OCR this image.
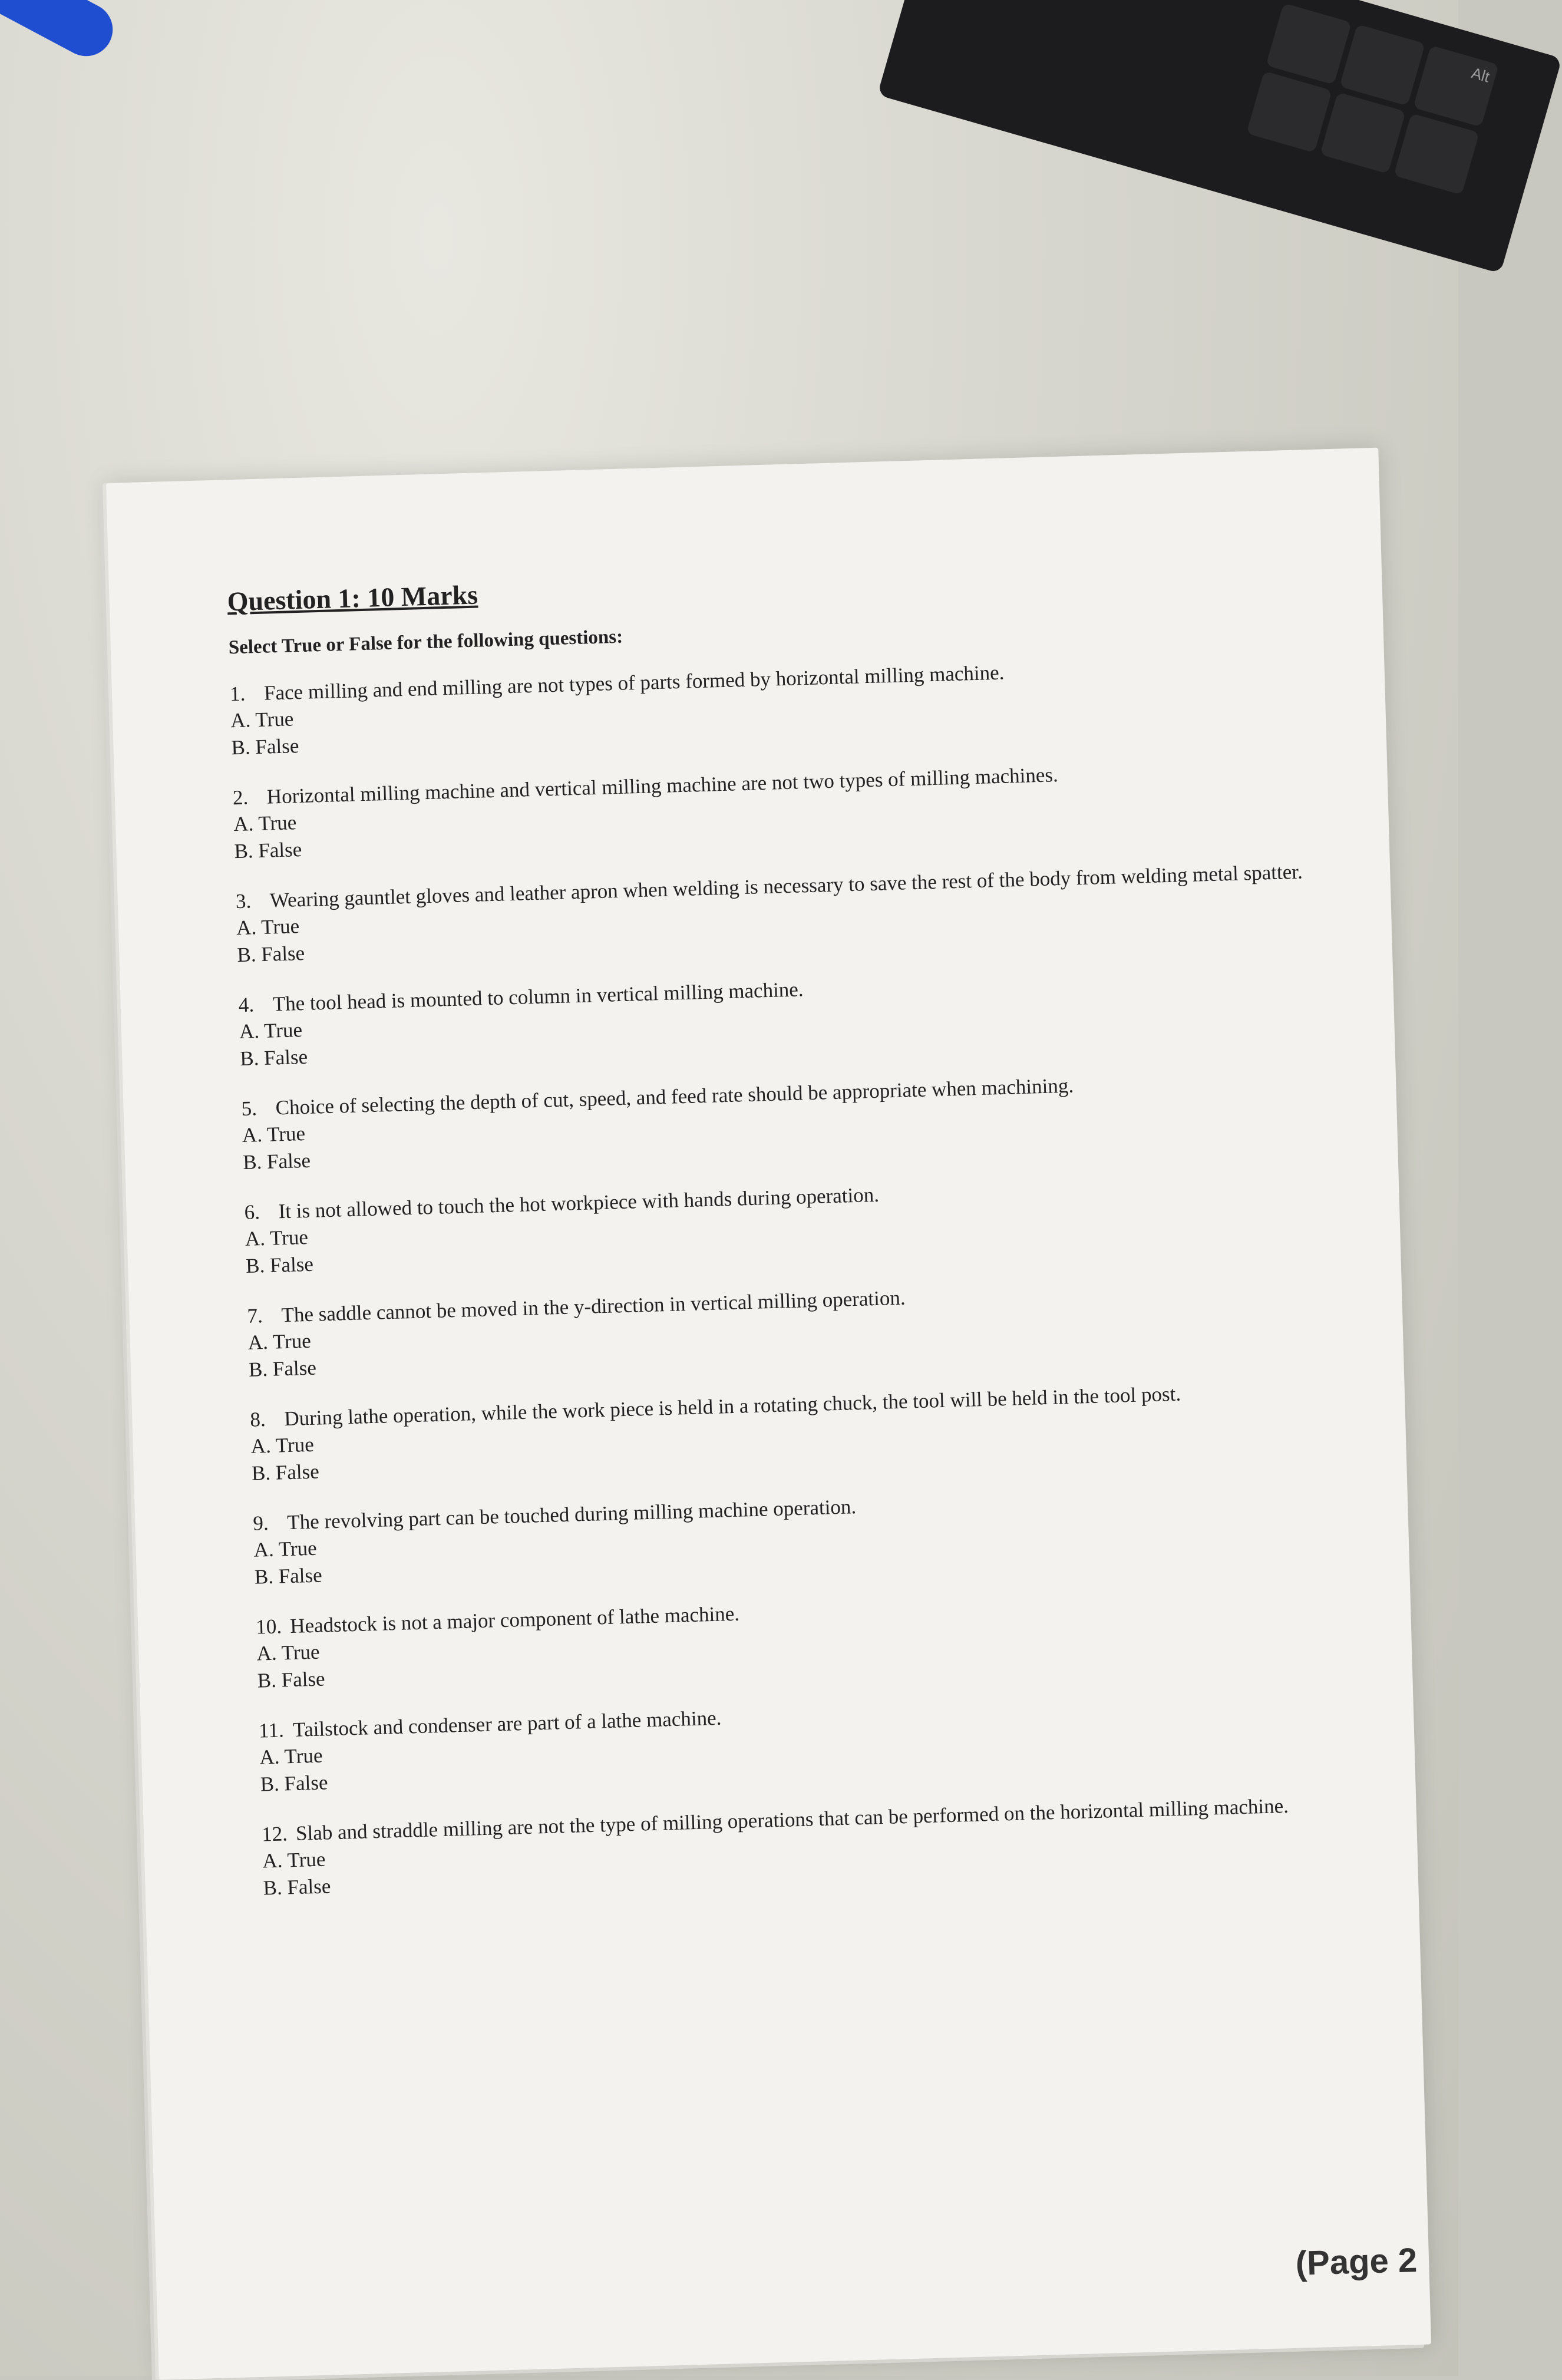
Alt
Question 1: 10 Marks
Select True or False for the following questions:
1. Face milling and end milling are not types of parts formed by horizontal milling machine.
A. True
B. False
2. Horizontal milling machine and vertical milling machine are not two types of milling machines.
A. True
B. False
3. Wearing gauntlet gloves and leather apron when welding is necessary to save the rest of the body from welding metal spatter.
A. True
B. False
4. The tool head is mounted to column in vertical milling machine.
A. True
B. False
5. Choice of selecting the depth of cut, speed, and feed rate should be appropriate when machining.
A. True
B. False
6. It is not allowed to touch the hot workpiece with hands during operation.
A. True
B. False
7. The saddle cannot be moved in the y-direction in vertical milling operation.
A. True
B. False
8. During lathe operation, while the work piece is held in a rotating chuck, the tool will be held in the tool post.
A. True
B. False
9. The revolving part can be touched during milling machine operation.
A. True
B. False
10. Headstock is not a major component of lathe machine.
A. True
B. False
11. Tailstock and condenser are part of a lathe machine.
A. True
B. False
12. Slab and straddle milling are not the type of milling operations that can be performed on the horizontal milling machine.
A. True
B. False
(Page 2
